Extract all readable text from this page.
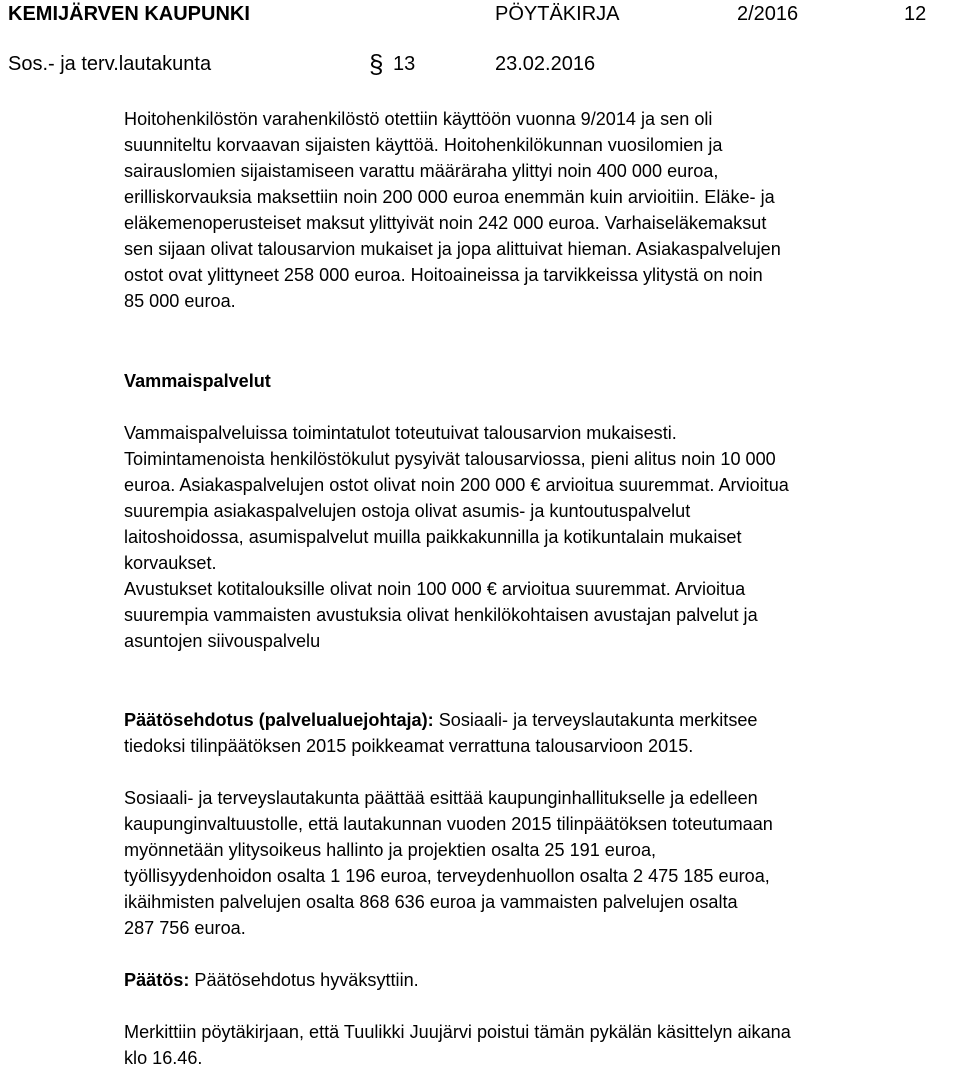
KEMIJÄRVEN KAUPUNKI	PÖYTÄKIRJA	2/2016	12
Sos.- ja terv.lautakunta	§ 13	23.02.2016
Hoitohenkilöstön varahenkilöstö otettiin käyttöön vuonna 9/2014 ja sen oli
suunniteltu korvaavan sijaisten käyttöä. Hoitohenkilökunnan vuosilomien ja
sairauslomien sijaistamiseen varattu määräraha ylittyi noin 400 000 euroa,
erilliskorvauksia maksettiin noin 200 000 euroa enemmän kuin arvioitiin. Eläke- ja
eläkemenoperusteiset maksut ylittyivät noin 242 000 euroa. Varhaiseläkemaksut
sen sijaan olivat talousarvion mukaiset ja jopa alittuivat hieman. Asiakaspalvelujen
ostot ovat ylittyneet 258 000 euroa. Hoitoaineissa ja tarvikkeissa ylitystä on noin
85 000 euroa.
Vammaispalvelut
Vammaispalveluissa toimintatulot toteutuivat talousarvion mukaisesti.
Toimintamenoista henkilöstökulut pysyivät talousarviossa, pieni alitus noin 10 000
euroa. Asiakaspalvelujen ostot olivat noin 200 000 € arvioitua suuremmat. Arvioitua
suurempia asiakaspalvelujen ostoja olivat asumis- ja kuntoutuspalvelut
laitoshoidossa, asumispalvelut muilla paikkakunnilla ja kotikuntalain mukaiset
korvaukset.
Avustukset kotitalouksille olivat noin 100 000 € arvioitua suuremmat. Arvioitua
suurempia vammaisten avustuksia olivat henkilökohtaisen avustajan palvelut ja
asuntojen siivouspalvelu
Päätösehdotus (palvelualuejohtaja): Sosiaali- ja terveyslautakunta merkitsee
tiedoksi tilinpäätöksen 2015 poikkeamat verrattuna talousarvioon 2015.
Sosiaali- ja terveyslautakunta päättää esittää kaupunginhallitukselle ja edelleen
kaupunginvaltuustolle, että lautakunnan vuoden 2015 tilinpäätöksen toteutumaan
myönnetään ylitysoikeus hallinto ja projektien osalta 25 191 euroa,
työllisyydenhoidon osalta 1 196 euroa, terveydenhuollon osalta 2 475 185 euroa,
ikäihmisten palvelujen osalta 868 636 euroa ja vammaisten palvelujen osalta
287 756 euroa.
Päätös: Päätösehdotus hyväksyttiin.
Merkittiin pöytäkirjaan, että Tuulikki Juujärvi poistui tämän pykälän käsittelyn aikana
klo 16.46.
